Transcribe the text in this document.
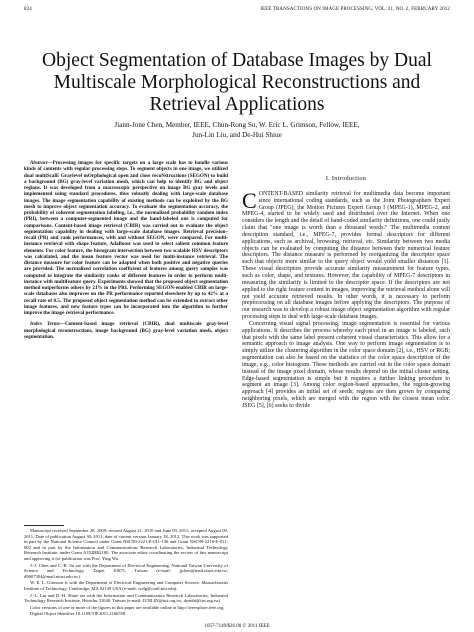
824	IEEE TRANSACTIONS ON IMAGE PROCESSING, VOL. 21, NO. 2, FEBRUARY 2012
Object Segmentation of Database Images by Dual Multiscale Morphological Reconstructions and Retrieval Applications
Jiann-Jone Chen, Member, IEEE, Chun-Rong Su, W. Eric L. Grimson, Fellow, IEEE,
Jun-Lin Liu, and De-Hui Shiue

Abstract—Processing images for specific targets on a large scale has to handle various kinds of contents with regular processing steps. To segment objects in one image, we utilized dual multiScalE Graylevel mOrphological open and close recoNstructions (SEGON) to build a background (BG) gray-level variation mesh, which can help to identify BG and object regions. It was developed from a macroscopic perspective on image BG gray levels and implemented using standard procedures, thus robustly dealing with large-scale database images. The image segmentation capability of existing methods can be exploited by the BG mesh to improve object segmentation accuracy. To evaluate the segmentation accuracy, the probability of coherent segmentation labeling, i.e., the normalized probability random index (PRI), between a computer-segmented image and the hand-labeled one is computed for comparisons. Content-based image retrieval (CBIR) was carried out to evaluate the object segmentation capability in dealing with large-scale database images. Retrieval precision–recall (PR) and rank performances, with and without SEGON, were compared. For multi-instance retrieval with shape feature, AdaBoost was used to select salient common feature elements. For color feature, the histogram intersection between two scalable HSV descriptors was calculated, and the mean feature vector was used for multi-instance retrieval. The distance measure for color feature can be adapted when both positive and negative queries are provided. The normalized correlation coefficient of features among query samples was computed to integrate the similarity ranks of different features in order to perform multi-instance with multifeature query. Experiments showed that the proposed object segmentation method outperforms others by 21% in the PRI. Performing SEGON-enabled CBIR on large-scale databases also improves on the PR performance reported elsewhere by up to 42% at a recall rate of 0.5. The proposed object segmentation method can be extended to extract other image features, and new feature types can be incorporated into the algorithm to further improve the image retrieval performance.

Index Terms—Content-based image retrieval (CBIR), dual multiscale gray-level morphological reconstructions, image background (BG) gray-level variation mesh, object segmentation.

Manuscript received September 28, 2009; revised August 21, 2010 and June 09, 2011; accepted August 09, 2011. Date of publication August 30, 2011; date of current version January 18, 2012. This work was supported in part by the National Science Council under Grant NSC99-2221-E-011-136 and Grant NSC99-2218-E-011-002 and in part by the Information and Communications Research Laboratories, Industrial Technology Research Institute, under Grant A352BR2100. The associate editor coordinating the review of this manuscript and approving it for publication was Prof. Ying Wu.

J.-J. Chen and C.-R. Su are with the Department of Electrical Engineering, National Taiwan University of Science and Technology, Taipei 10673, Taiwan (e-mail: jjchen@mail.ntust.edu.tw; d9607304@mail.ntust.edu.tw).

W. E. L. Grimson is with the Department of Electrical Engineering and Computer Science, Massachusetts Institute of Technology, Cambridge, MA 02139 USA (e-mail: welg@csail.mit.edu).

J.-L. Liu and D.-H. Shiue are with the Information and Communication Research Laboratories, Industrial Technology Research Institute, Hsinchu 31040, Taiwan (e-mail: JUNLIN@itri.org.tw; dyanhi@itri.org.tw).

Color versions of one or more of the figures in this paper are available online at http://ieeexplore.ieee.org.

Digital Object Identifier 10.1109/TIP.2011.2166558

I. Introduction

CONTENT-BASED similarity retrieval for multimedia data become important since international coding standards, such as the Joint Photographers Expert Group (JPEG), the Motion Pictures Expert Group I (MPEG-1), MPEG-2, and MPEG-4, started to be widely used and distributed over the Internet. When one considers the length and the detail of hand-coded similarity definitions, one could justly claim that "one image is worth than a thousand words." The multimedia content description standard, i.e., MPEG-7, provides formal descriptors for different applications, such as archival, browsing, retrieval, etc. Similarity between two media objects can be evaluated by computing the distance between their numerical feature descriptors. The distance measure is performed by reorganizing the descriptor space such that objects more similar to the query object would yield smaller distances [1]. These visual descriptors provide accurate similarity measurement for feature types, such as color, shape, and textures. However, the capability of MPEG-7 descriptors in measuring the similarity is limited to the descriptor space. If the descriptors are not applied to the right feature content in images, improving the retrieval method alone will not yield accurate retrieved results. In other words, it is necessary to perform preprocessing on all database images before applying the descriptors. The purpose of our research was to develop a robust image object segmentation algorithm with regular processing steps to deal with large-scale database images.

Concerning visual signal processing, image segmentation is essential for various applications. It describes the process whereby each pixel in an image is labeled, such that pixels with the same label present coherent visual characteristics. This allow for a semantic approach to image analysis. One way to perform image segmentation is to simply utilize the clustering algorithm in the color space domain [2], i.e., HSV or RGB; segmentation can also be based on the statistics of the color space description of the image, e.g., color histogram. These methods are carried out in the color space domain instead of the image pixel domain, whose results depend on the initial cluster setting. Edge-based segmentation is simple but it requires a further linking procedure to segment an image [3]. Among color region-based approaches, the region-growing approach [4] provides an initial set of seeds; regions are then grown by comparing neighboring pixels, which are merged with the region with the closest mean color. JSEG [5], [6] seeks to divide

1057-7149/$26.00 © 2011 IEEE
